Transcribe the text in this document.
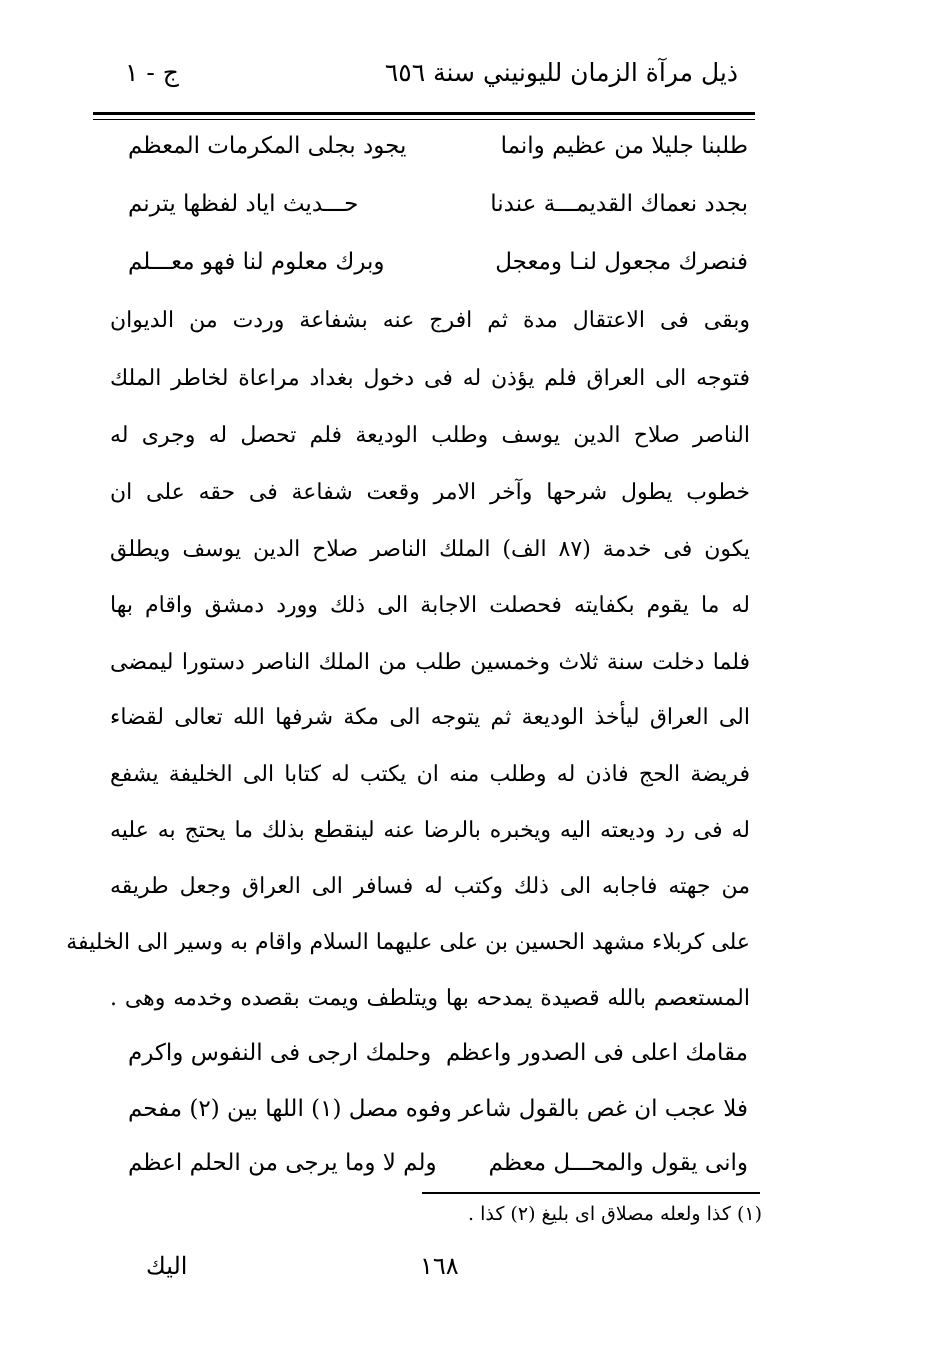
ذيل مرآة الزمان لليونيني سنة ٦٥٦
ج - ١
طلبنا جليلا من عظيم وانما
يجود بجلى المكرمات المعظم
بجدد نعماك القديمـــة عندنا
حـــديث اياد لفظها يترنم
فنصرك مجعول لنـا ومعجل
وبرك معلوم لنا فهو معـــلم
وبقى فى الاعتقال مدة ثم افرج عنه بشفاعة وردت من الديوان
فتوجه الى العراق فلم يؤذن له فى دخول بغداد مراعاة لخاطر الملك
الناصر صلاح الدين يوسف وطلب الوديعة فلم تحصل له وجرى له
خطوب يطول شرحها وآخر الامر وقعت شفاعة فى حقه على ان
يكون فى خدمة (٨٧ الف) الملك الناصر صلاح الدين يوسف ويطلق
له ما يقوم بكفايته فحصلت الاجابة الى ذلك وورد دمشق واقام بها
فلما دخلت سنة ثلاث وخمسين طلب من الملك الناصر دستورا ليمضى
الى العراق ليأخذ الوديعة ثم يتوجه الى مكة شرفها الله تعالى لقضاء
فريضة الحج فاذن له وطلب منه ان يكتب له كتابا الى الخليفة يشفع
له فى رد وديعته اليه ويخبره بالرضا عنه لينقطع بذلك ما يحتج به عليه
من جهته فاجابه الى ذلك وكتب له فسافر الى العراق وجعل طريقه
على كربلاء مشهد الحسين بن على عليهما السلام واقام به وسير الى الخليفة
المستعصم بالله قصيدة يمدحه بها ويتلطف ويمت بقصده وخدمه وهى .
مقامك اعلى فى الصدور واعظم
وحلمك ارجى فى النفوس واكرم
فلا عجب ان غص بالقول شاعر
وفوه مصل (١) اللها بين (٢) مفحم
وانى يقول والمحـــل معظم
ولم لا وما يرجى من الحلم اعظم
(١) كذا ولعله مصلاق اى بليغ (٢) كذا .
اليك	١٦٨
